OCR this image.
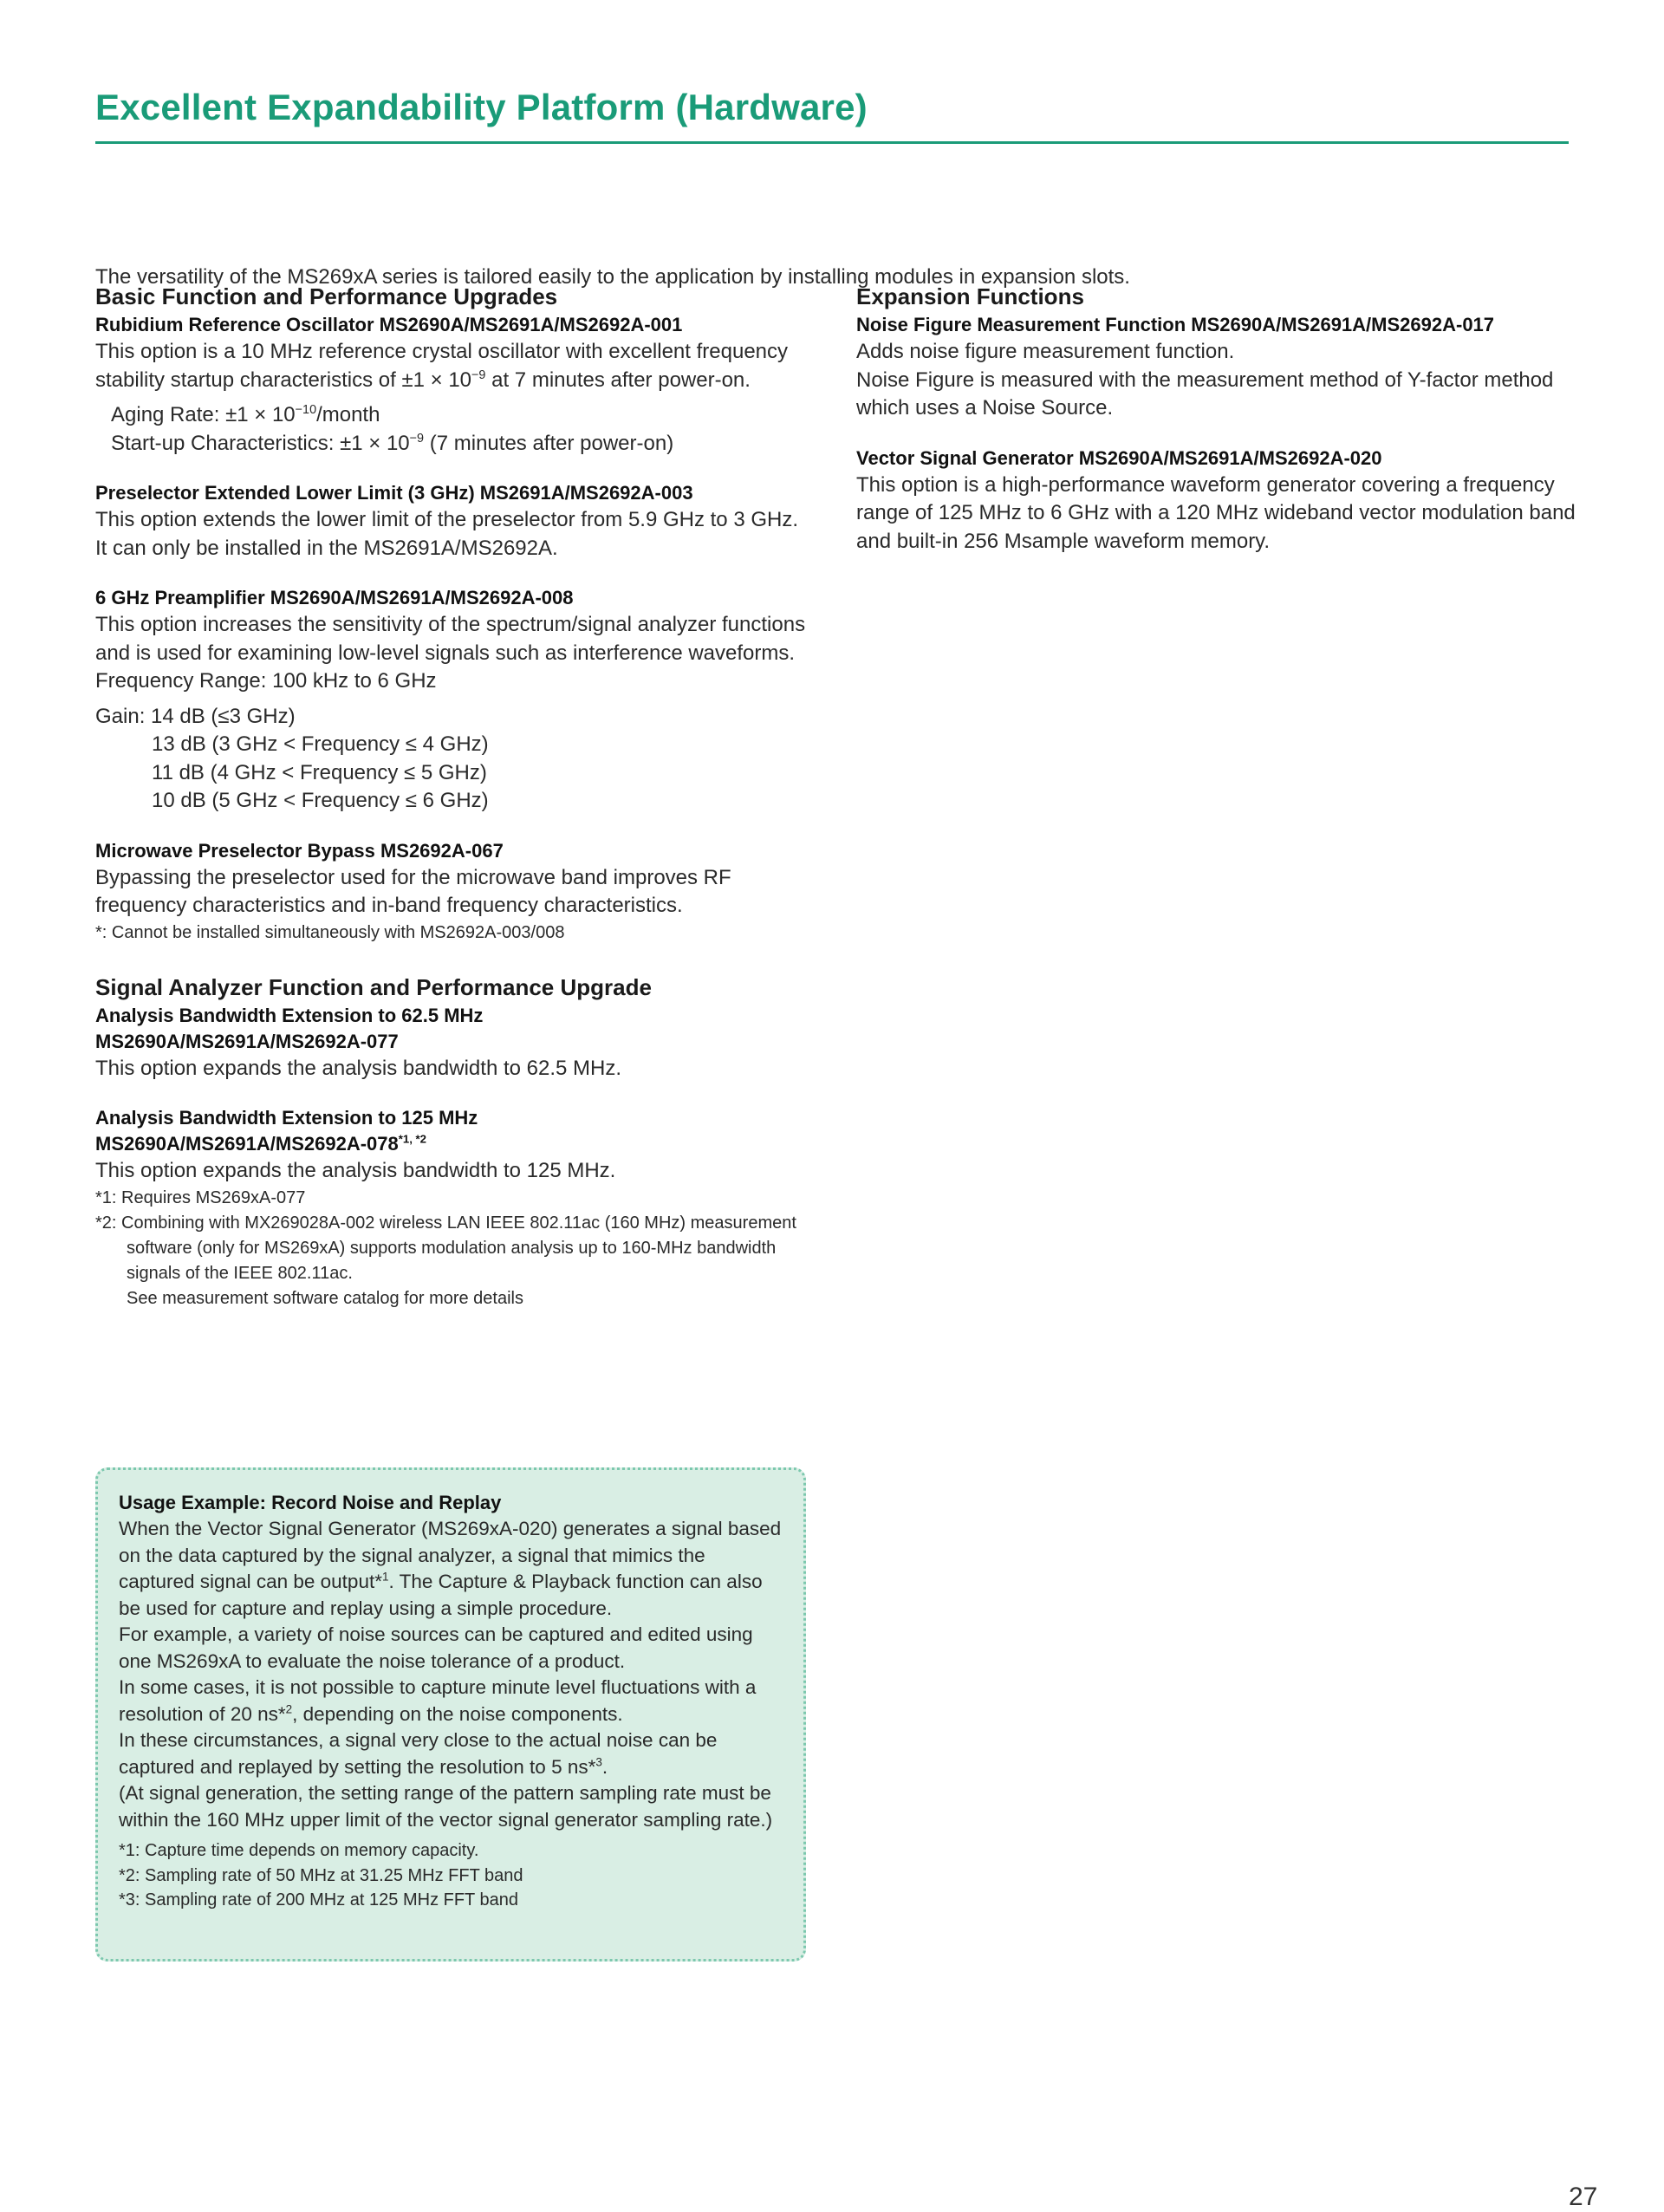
Excellent Expandability Platform (Hardware)

The versatility of the MS269xA series is tailored easily to the application by installing modules in expansion slots.

Basic Function and Performance Upgrades

Rubidium Reference Oscillator MS2690A/MS2691A/MS2692A-001

This option is a 10 MHz reference crystal oscillator with excellent frequency stability startup characteristics of $\pm 1 \times 10^{-9}$ at 7 minutes after power-on.

Aging Rate: $\pm 1 \times 10^{-10}$/month

Start-up Characteristics: $\pm 1 \times 10^{-9}$ (7 minutes after power-on)

Preselector Extended Lower Limit (3 GHz) MS2691A/MS2692A-003

This option extends the lower limit of the preselector from 5.9 GHz to 3 GHz. It can only be installed in the MS2691A/MS2692A.

6 GHz Preamplifier MS2690A/MS2691A/MS2692A-008

This option increases the sensitivity of the spectrum/signal analyzer functions and is used for examining low-level signals such as interference waveforms.

Frequency Range: 100 kHz to 6 GHz

Gain: 14 dB (≤3 GHz)

13 dB (3 GHz < Frequency ≤ 4 GHz)

11 dB (4 GHz < Frequency ≤ 5 GHz)

10 dB (5 GHz < Frequency ≤ 6 GHz)

Microwave Preselector Bypass MS2692A-067

Bypassing the preselector used for the microwave band improves RF frequency characteristics and in-band frequency characteristics.

*: Cannot be installed simultaneously with MS2692A-003/008

Signal Analyzer Function and Performance Upgrade

Analysis Bandwidth Extension to 62.5 MHz

MS2690A/MS2691A/MS2692A-077

This option expands the analysis bandwidth to 62.5 MHz.

Analysis Bandwidth Extension to 125 MHz

$MS2690A/MS2691A/MS2692A-078^{*1, *2}$

This option expands the analysis bandwidth to 125 MHz.

*1: Requires MS269xA-077

*2: Combining with MX269028A-002 wireless LAN IEEE 802.11ac (160 MHz) measurement software (only for MS269xA) supports modulation analysis up to 160-MHz bandwidth signals of the IEEE 802.11ac.

See measurement software catalog for more details

Expansion Functions

Noise Figure Measurement Function MS2690A/MS2691A/MS2692A-017

Adds noise figure measurement function.

Noise Figure is measured with the measurement method of Y-factor method which uses a Noise Source.

Vector Signal Generator MS2690A/MS2691A/MS2692A-020

This option is a high-performance waveform generator covering a frequency range of 125 MHz to 6 GHz with a 120 MHz wideband vector modulation band and built-in 256 Msample waveform memory.

Usage Example: Record Noise and Replay

When the Vector Signal Generator (MS269xA-020) generates a signal based on the data captured by the signal analyzer, a signal that mimics the captured signal can be output*$^1$. The Capture & Playback function can also be used for capture and replay using a simple procedure.

For example, a variety of noise sources can be captured and edited using one MS269xA to evaluate the noise tolerance of a product.

In some cases, it is not possible to capture minute level fluctuations with a resolution of 20 ns*$^2$, depending on the noise components.

In these circumstances, a signal very close to the actual noise can be captured and replayed by setting the resolution to 5 ns*$^3$.

(At signal generation, the setting range of the pattern sampling rate must be within the 160 MHz upper limit of the vector signal generator sampling rate.)

*1: Capture time depends on memory capacity.

*2: Sampling rate of 50 MHz at 31.25 MHz FFT band

*3: Sampling rate of 200 MHz at 125 MHz FFT band

27
